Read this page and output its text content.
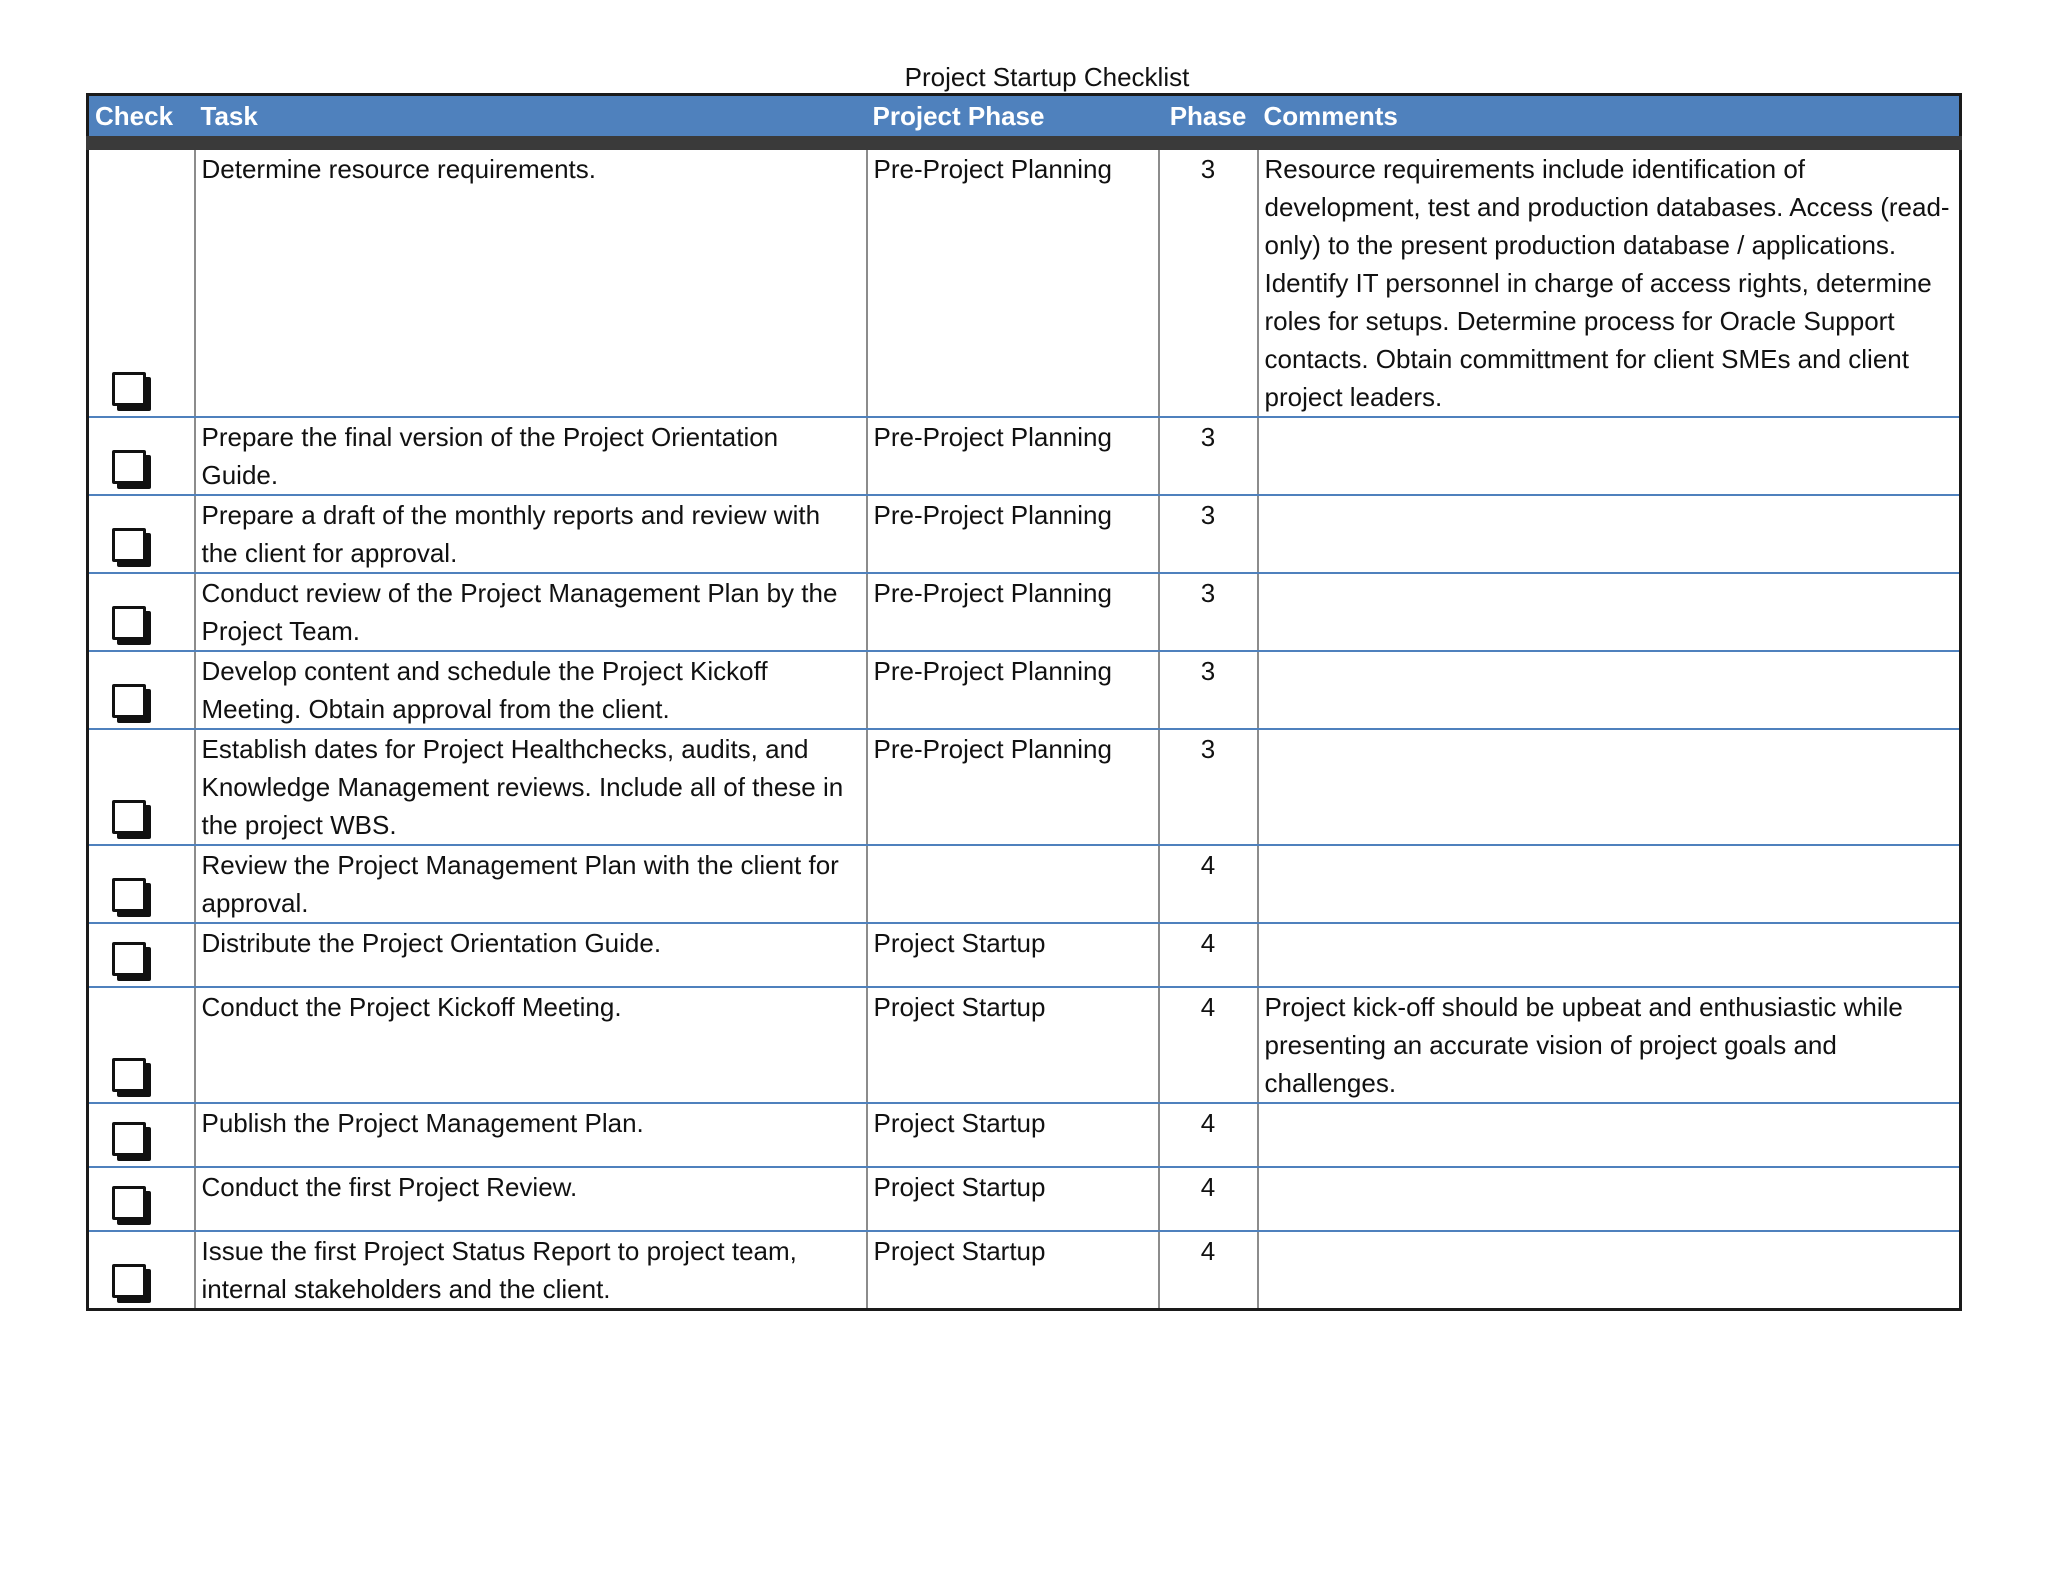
Project Startup Checklist
Check	Task	Project Phase	Phase	Comments

	Determine resource requirements.	Pre-Project Planning	3	Resource requirements include identification of development, test and production databases. Access (read-only) to the present production database / applications. Identify IT personnel in charge of access rights, determine roles for setups. Determine process for Oracle Support contacts. Obtain committment for client SMEs and client project leaders.

	Prepare the final version of the Project Orientation Guide.	Pre-Project Planning	3	

	Prepare a draft of the monthly reports and review with the client for approval.	Pre-Project Planning	3	

	Conduct review of the Project Management Plan by the Project Team.	Pre-Project Planning	3	

	Develop content and schedule the Project Kickoff Meeting. Obtain approval from the client.	Pre-Project Planning	3	

	Establish dates for Project Healthchecks, audits, and Knowledge Management reviews. Include all of these in the project WBS.	Pre-Project Planning	3	

	Review the Project Management Plan with the client for approval.		4	

	Distribute the Project Orientation Guide.	Project Startup	4	

	Conduct the Project Kickoff Meeting.	Project Startup	4	Project kick-off should be upbeat and enthusiastic while presenting an accurate vision of project goals and challenges.

	Publish the Project Management Plan.	Project Startup	4	

	Conduct the first Project Review.	Project Startup	4	

	Issue the first Project Status Report to project team, internal stakeholders and the client.	Project Startup	4	
